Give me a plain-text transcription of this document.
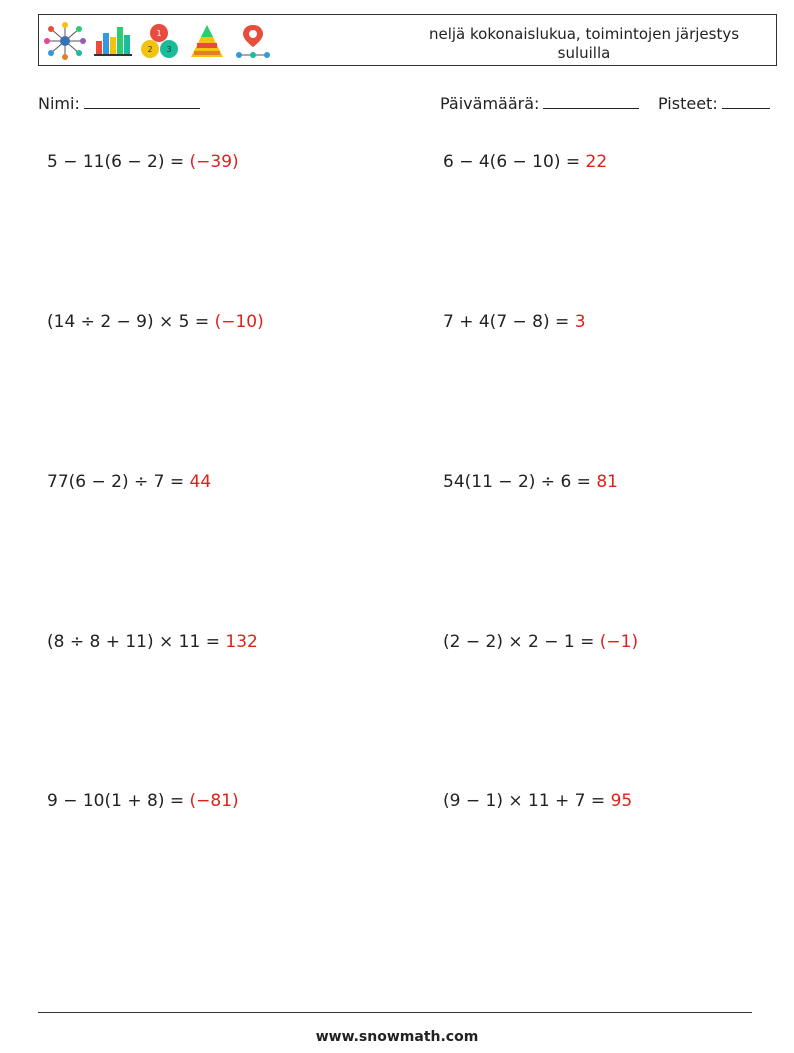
1
2 3
neljä kokonaislukua, toimintojen järjestys suluilla
Nimi:	Päivämäärä:	Pisteet:
5 − 11(6 − 2) = (−39)	6 − 4(6 − 10) = 22
(14 ÷ 2 − 9) × 5 = (−10)	7 + 4(7 − 8) = 3
77(6 − 2) ÷ 7 = 44	54(11 − 2) ÷ 6 = 81
(8 ÷ 8 + 11) × 11 = 132	(2 − 2) × 2 − 1 = (−1)
9 − 10(1 + 8) = (−81)	(9 − 1) × 11 + 7 = 95
www.snowmath.com
